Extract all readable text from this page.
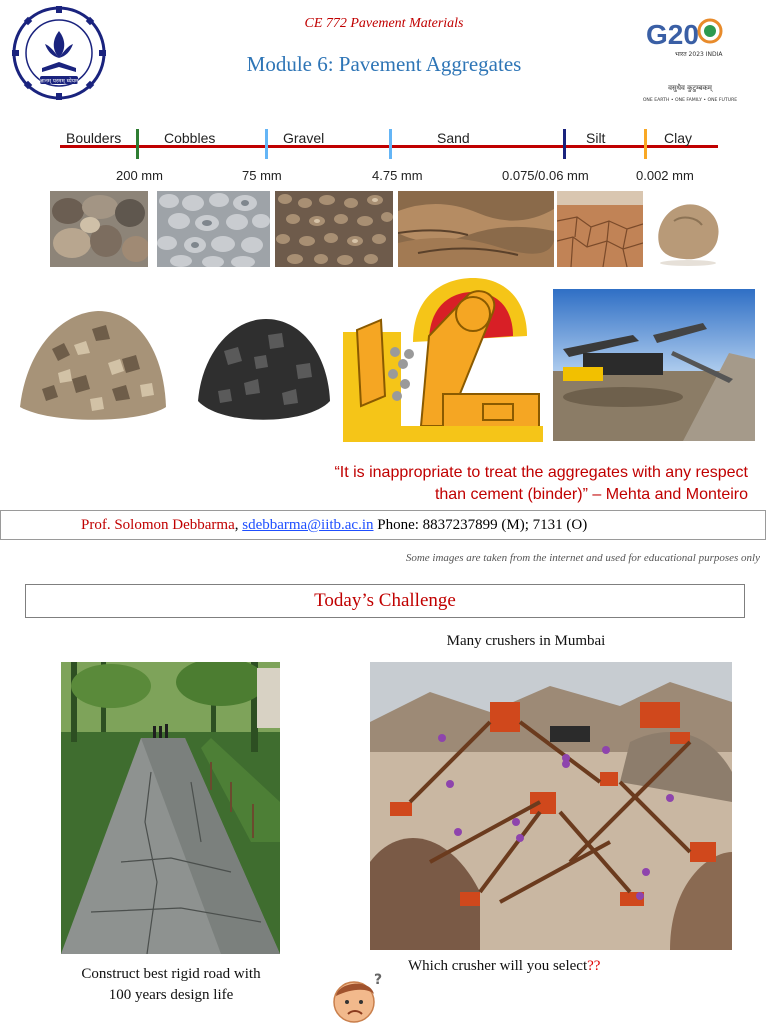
ज्ञानम् परमम् ध्येयम्
CE 772 Pavement Materials
Module 6: Pavement Aggregates
G20
भारत 2023 INDIA
वसुधैव कुटुम्बकम्
ONE EARTH • ONE FAMILY • ONE FUTURE
Boulders	Cobbles	Gravel	Sand	Silt	Clay
200 mm	75 mm	4.75 mm	0.075/0.06 mm	0.002 mm
“It is inappropriate to treat the aggregates with any respect
than cement (binder)” – Mehta and Monteiro
Prof. Solomon Debbarma, sdebbarma@iitb.ac.in Phone: 8837237899 (M); 7131 (O)
Some images are taken from the internet and used for educational purposes only
Today’s Challenge
Many crushers in Mumbai
Construct best rigid road with
100 years design life
?
Which crusher will you select??
